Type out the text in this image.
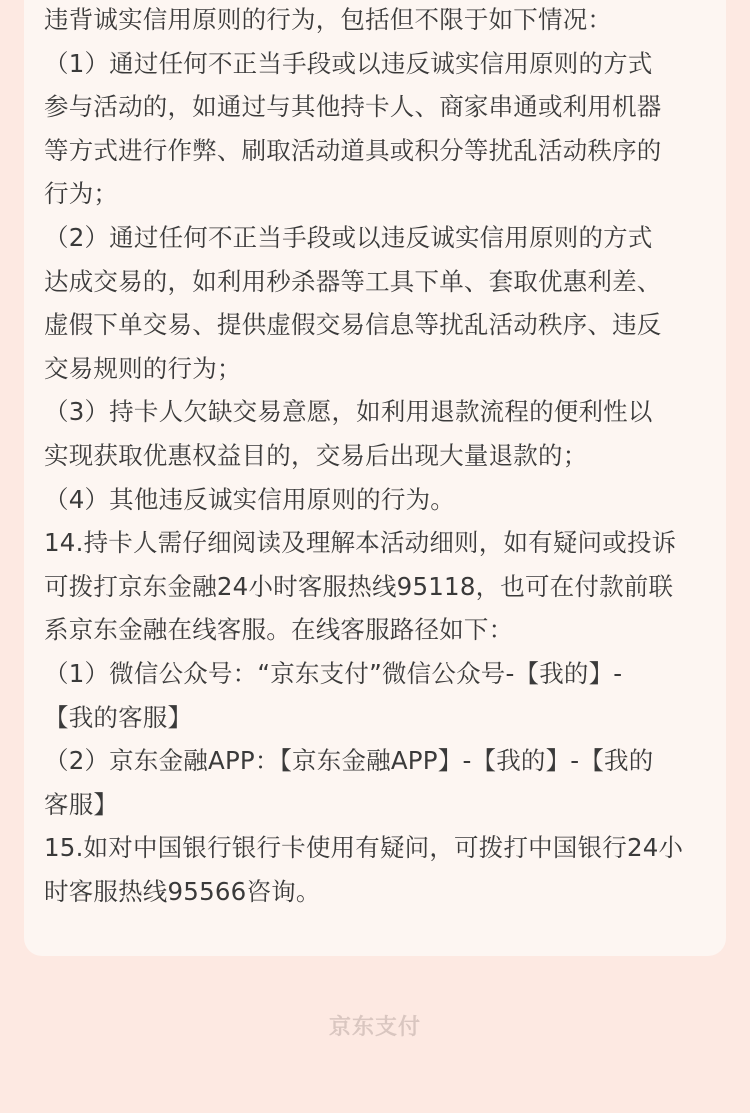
违背诚实信用原则的行为，包括但不限于如下情况：
（1）通过任何不正当手段或以违反诚实信用原则的方式
参与活动的，如通过与其他持卡人、商家串通或利用机器
等方式进行作弊、刷取活动道具或积分等扰乱活动秩序的
行为；
（2）通过任何不正当手段或以违反诚实信用原则的方式
达成交易的，如利用秒杀器等工具下单、套取优惠利差、
虚假下单交易、提供虚假交易信息等扰乱活动秩序、违反
交易规则的行为；
（3）持卡人欠缺交易意愿，如利用退款流程的便利性以
实现获取优惠权益目的，交易后出现大量退款的；
（4）其他违反诚实信用原则的行为。
14.持卡人需仔细阅读及理解本活动细则，如有疑问或投诉
可拨打京东金融24小时客服热线95118，也可在付款前联
系京东金融在线客服。在线客服路径如下：
（1）微信公众号：“京东支付”微信公众号-【我的】-
【我的客服】
（2）京东金融APP：【京东金融APP】-【我的】-【我的
客服】
15.如对中国银行银行卡使用有疑问，可拨打中国银行24小
时客服热线95566咨询。
京东支付
